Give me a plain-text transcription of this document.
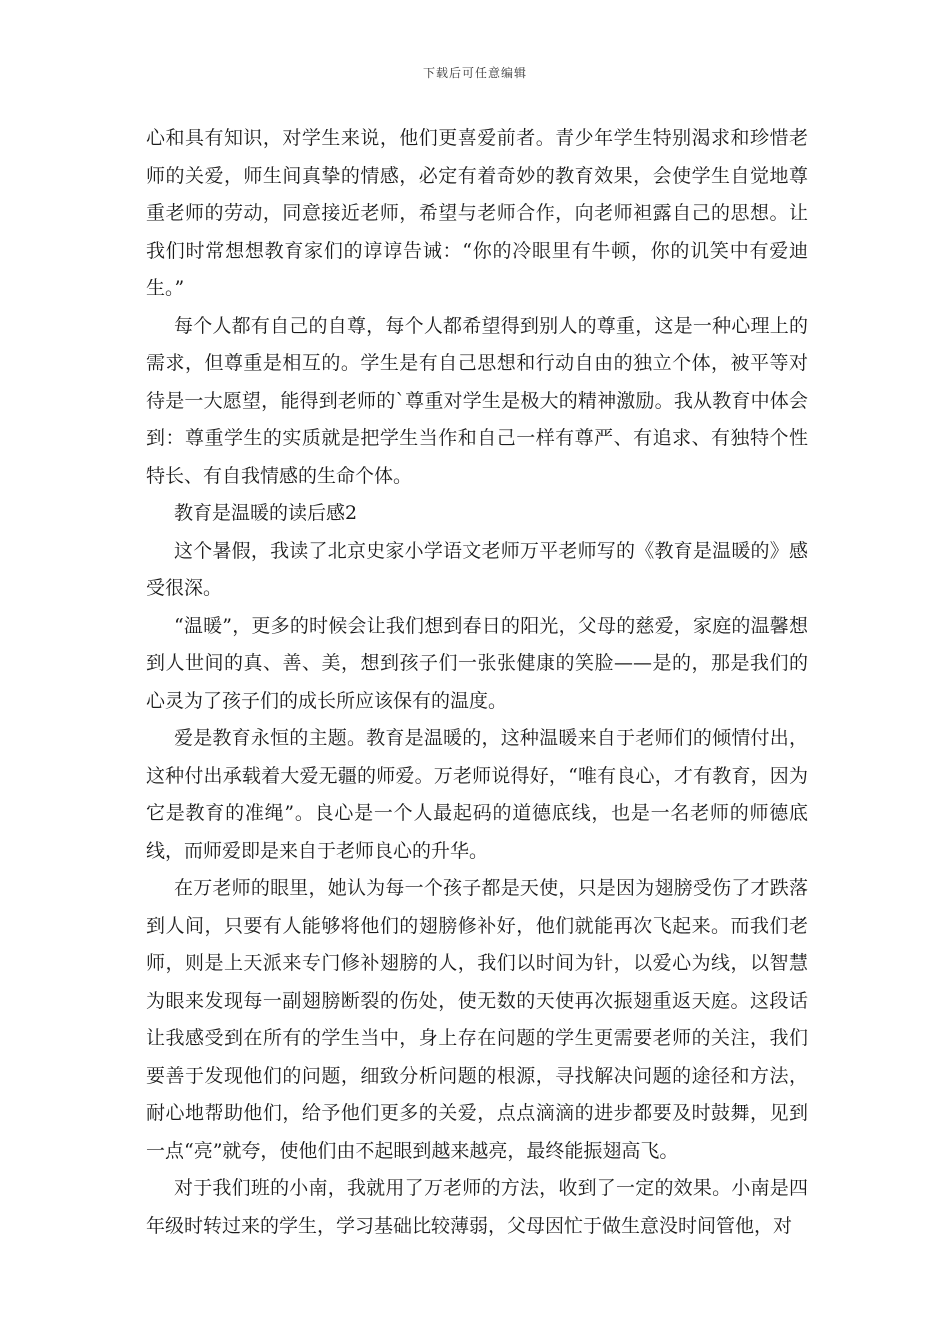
下载后可任意编辑

心和具有知识，对学生来说，他们更喜爱前者。青少年学生特别渴求和珍惜老师的关爱，师生间真挚的情感，必定有着奇妙的教育效果，会使学生自觉地尊重老师的劳动，同意接近老师，希望与老师合作，向老师袒露自己的思想。让我们时常想想教育家们的谆谆告诫：“你的冷眼里有牛顿，你的讥笑中有爱迪生。”

每个人都有自己的自尊，每个人都希望得到别人的尊重，这是一种心理上的需求，但尊重是相互的。学生是有自己思想和行动自由的独立个体，被平等对待是一大愿望，能得到老师的`尊重对学生是极大的精神激励。我从教育中体会到：尊重学生的实质就是把学生当作和自己一样有尊严、有追求、有独特个性特长、有自我情感的生命个体。

教育是温暖的读后感2

这个暑假，我读了北京史家小学语文老师万平老师写的《教育是温暖的》感受很深。

“温暖”，更多的时候会让我们想到春日的阳光，父母的慈爱，家庭的温馨想到人世间的真、善、美，想到孩子们一张张健康的笑脸——是的，那是我们的心灵为了孩子们的成长所应该保有的温度。

爱是教育永恒的主题。教育是温暖的，这种温暖来自于老师们的倾情付出，这种付出承载着大爱无疆的师爱。万老师说得好，“唯有良心，才有教育，因为它是教育的准绳”。良心是一个人最起码的道德底线，也是一名老师的师德底线，而师爱即是来自于老师良心的升华。

在万老师的眼里，她认为每一个孩子都是天使，只是因为翅膀受伤了才跌落到人间，只要有人能够将他们的翅膀修补好，他们就能再次飞起来。而我们老师，则是上天派来专门修补翅膀的人，我们以时间为针，以爱心为线，以智慧为眼来发现每一副翅膀断裂的伤处，使无数的天使再次振翅重返天庭。这段话让我感受到在所有的学生当中，身上存在问题的学生更需要老师的关注，我们要善于发现他们的问题，细致分析问题的根源，寻找解决问题的途径和方法，耐心地帮助他们，给予他们更多的关爱，点点滴滴的进步都要及时鼓舞，见到一点“亮”就夸，使他们由不起眼到越来越亮，最终能振翅高飞。

对于我们班的小南，我就用了万老师的方法，收到了一定的效果。小南是四年级时转过来的学生，学习基础比较薄弱，父母因忙于做生意没时间管他，对
